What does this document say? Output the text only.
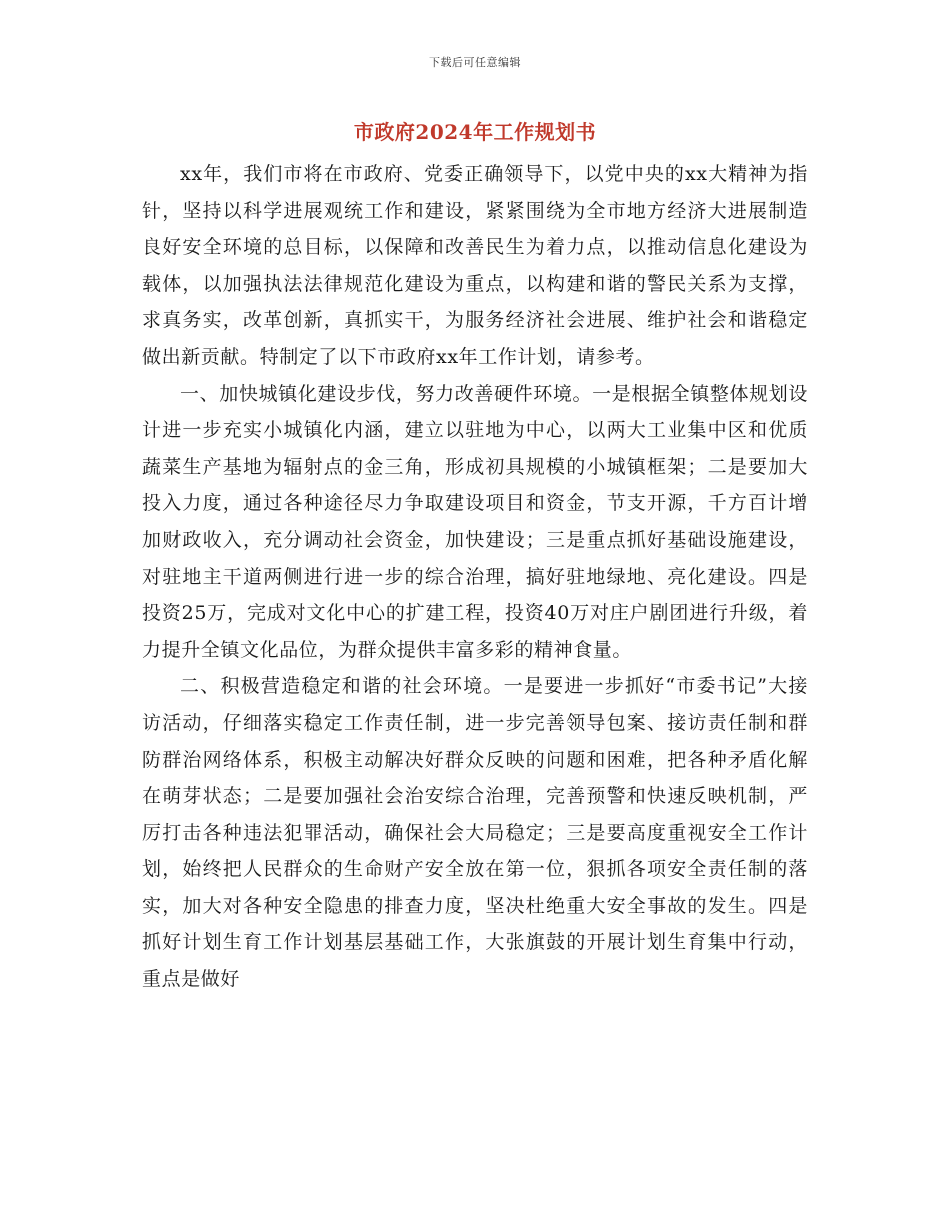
下载后可任意编辑
市政府2024年工作规划书

xx年，我们市将在市政府、党委正确领导下，以党中央的xx大精神为指针，坚持以科学进展观统工作和建设，紧紧围绕为全市地方经济大进展制造良好安全环境的总目标，以保障和改善民生为着力点，以推动信息化建设为载体，以加强执法法律规范化建设为重点，以构建和谐的警民关系为支撑，求真务实，改革创新，真抓实干，为服务经济社会进展、维护社会和谐稳定做出新贡献。特制定了以下市政府xx年工作计划，请参考。

一、加快城镇化建设步伐，努力改善硬件环境。一是根据全镇整体规划设计进一步充实小城镇化内涵，建立以驻地为中心，以两大工业集中区和优质蔬菜生产基地为辐射点的金三角，形成初具规模的小城镇框架；二是要加大投入力度，通过各种途径尽力争取建设项目和资金，节支开源，千方百计增加财政收入，充分调动社会资金，加快建设；三是重点抓好基础设施建设，对驻地主干道两侧进行进一步的综合治理，搞好驻地绿地、亮化建设。四是投资25万，完成对文化中心的扩建工程，投资40万对庄户剧团进行升级，着力提升全镇文化品位，为群众提供丰富多彩的精神食量。

二、积极营造稳定和谐的社会环境。一是要进一步抓好“市委书记”大接访活动，仔细落实稳定工作责任制，进一步完善领导包案、接访责任制和群防群治网络体系，积极主动解决好群众反映的问题和困难，把各种矛盾化解在萌芽状态；二是要加强社会治安综合治理，完善预警和快速反映机制，严厉打击各种违法犯罪活动，确保社会大局稳定；三是要高度重视安全工作计划，始终把人民群众的生命财产安全放在第一位，狠抓各项安全责任制的落实，加大对各种安全隐患的排查力度，坚决杜绝重大安全事故的发生。四是抓好计划生育工作计划基层基础工作，大张旗鼓的开展计划生育集中行动，重点是做好
